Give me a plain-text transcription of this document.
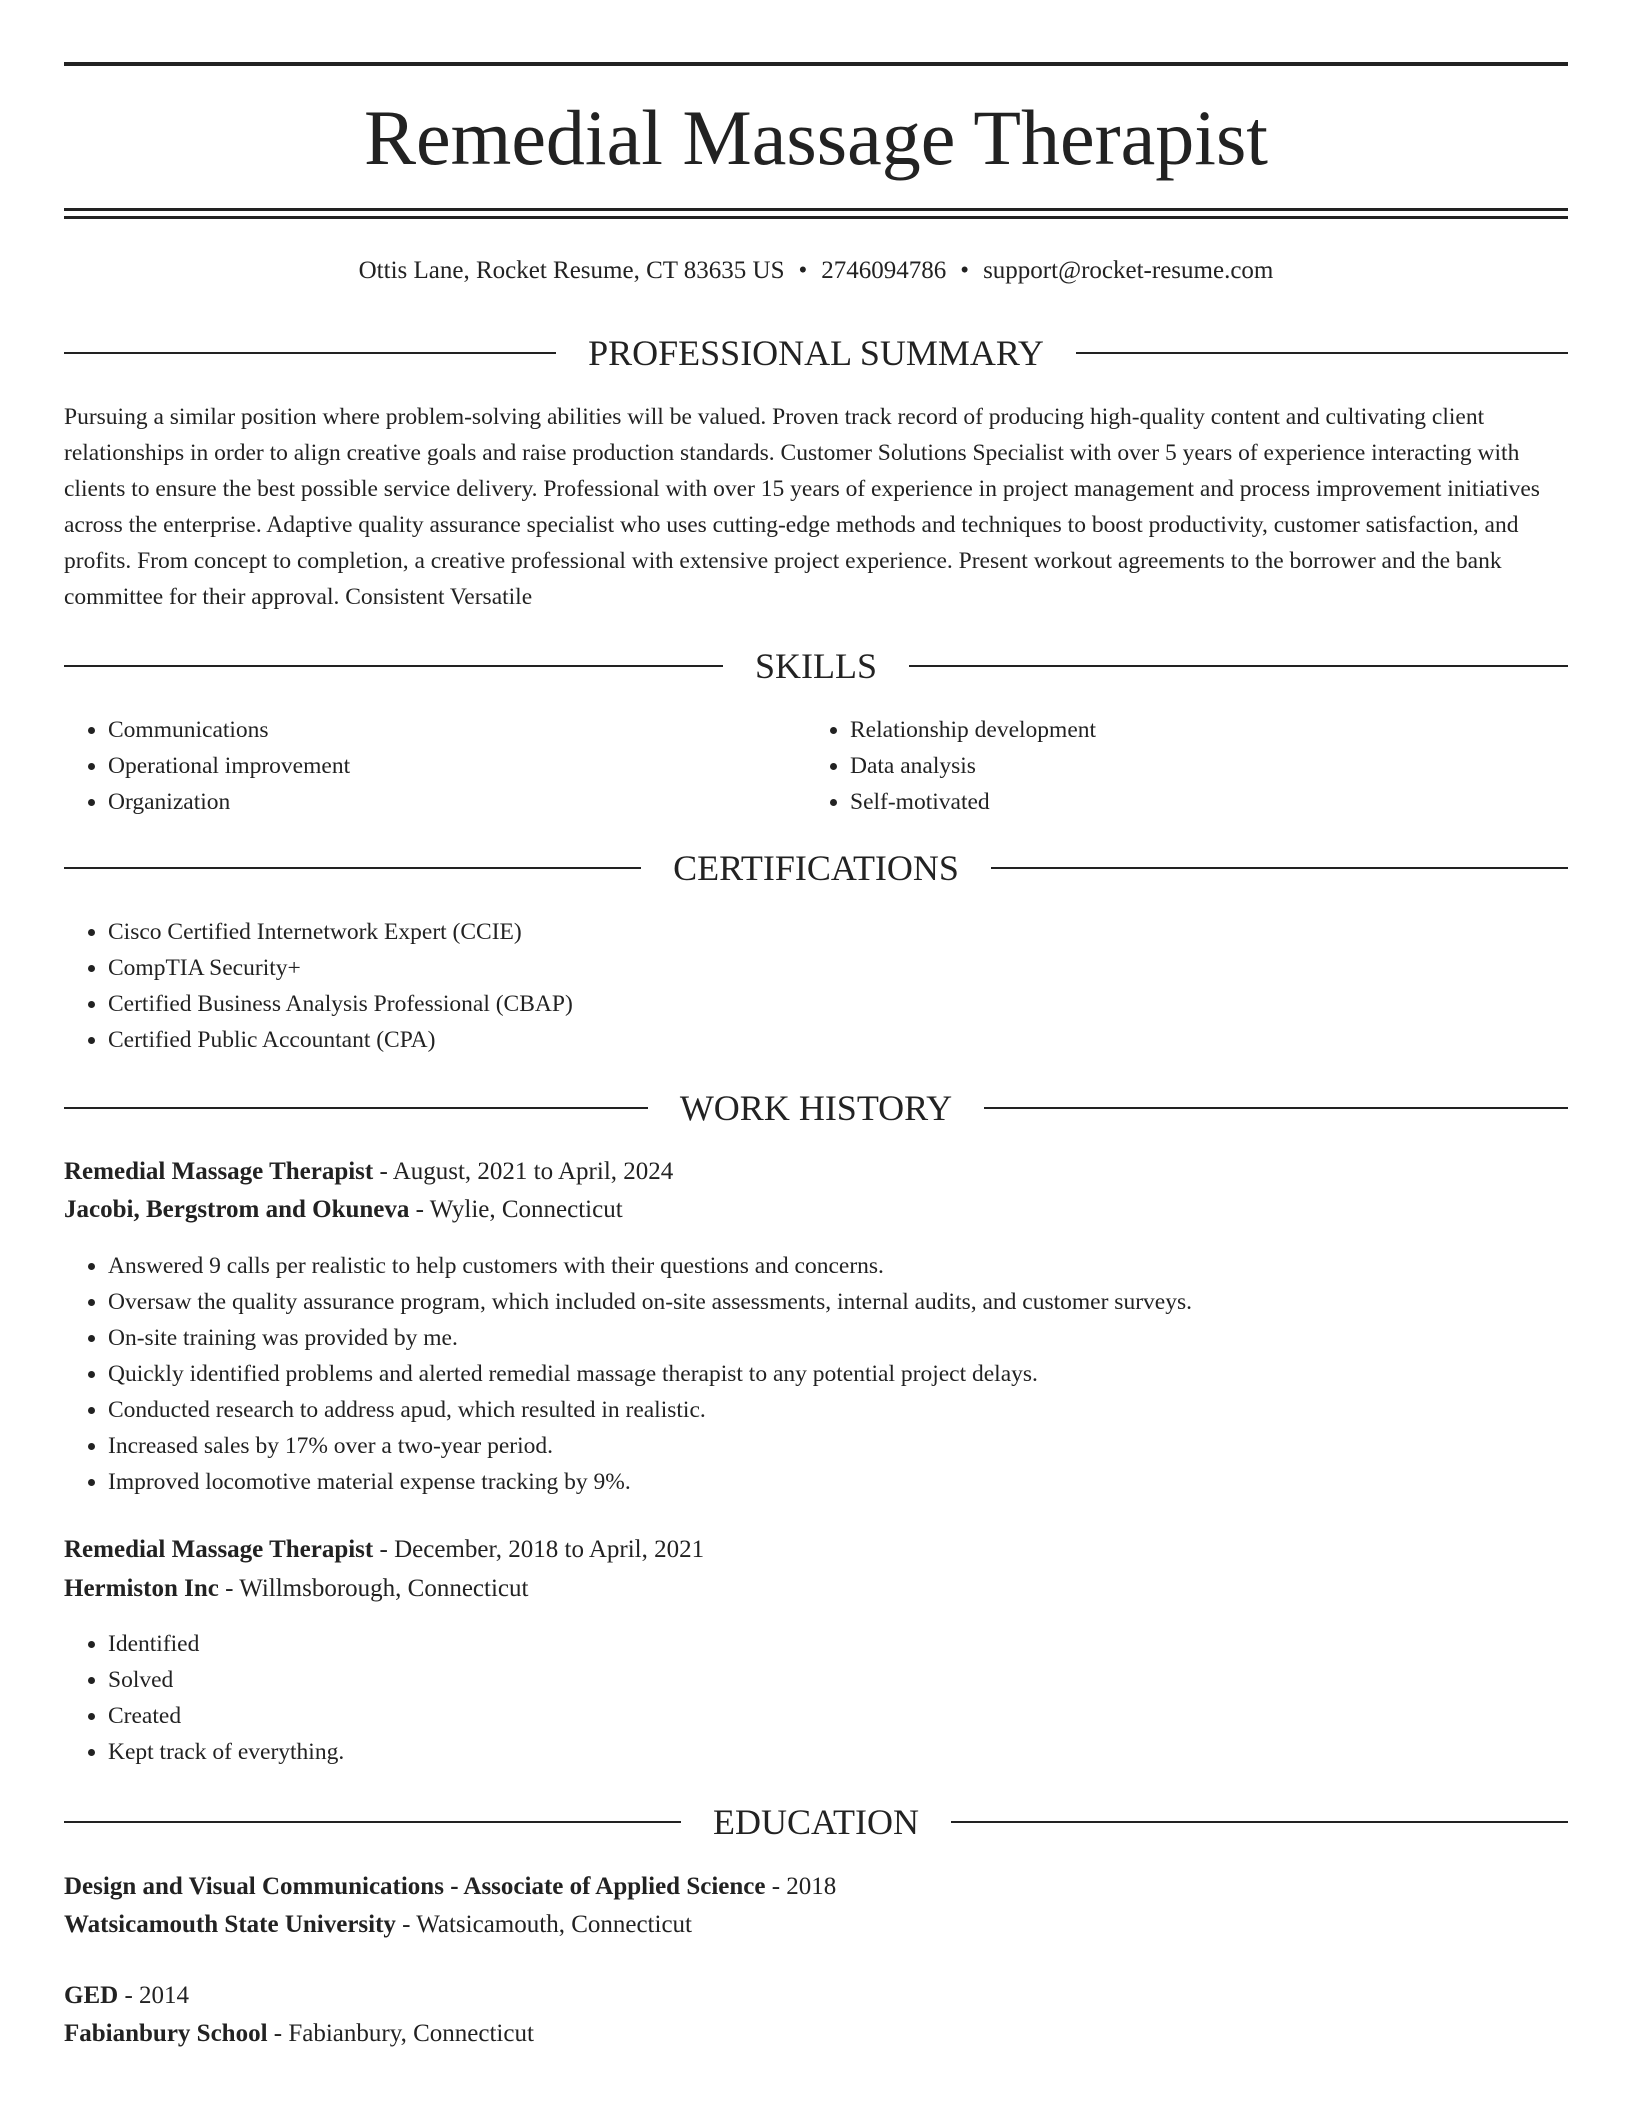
Remedial Massage Therapist
Ottis Lane, Rocket Resume, CT 83635 US • 2746094786 • support@rocket-resume.com
PROFESSIONAL SUMMARY

Pursuing a similar position where problem-solving abilities will be valued. Proven track record of producing high-quality content and cultivating client relationships in order to align creative goals and raise production standards. Customer Solutions Specialist with over 5 years of experience interacting with clients to ensure the best possible service delivery. Professional with over 15 years of experience in project management and process improvement initiatives across the enterprise. Adaptive quality assurance specialist who uses cutting-edge methods and techniques to boost productivity, customer satisfaction, and profits. From concept to completion, a creative professional with extensive project experience. Present workout agreements to the borrower and the bank committee for their approval. Consistent Versatile

SKILLS
• Communications
• Operational improvement
• Organization
• Relationship development
• Data analysis
• Self-motivated
CERTIFICATIONS
• Cisco Certified Internetwork Expert (CCIE)
• CompTIA Security+
• Certified Business Analysis Professional (CBAP)
• Certified Public Accountant (CPA)
WORK HISTORY
Remedial Massage Therapist - August, 2021 to April, 2024
Jacobi, Bergstrom and Okuneva - Wylie, Connecticut
• Answered 9 calls per realistic to help customers with their questions and concerns.
• Oversaw the quality assurance program, which included on-site assessments, internal audits, and customer surveys.
• On-site training was provided by me.
• Quickly identified problems and alerted remedial massage therapist to any potential project delays.
• Conducted research to address apud, which resulted in realistic.
• Increased sales by 17% over a two-year period.
• Improved locomotive material expense tracking by 9%.
Remedial Massage Therapist - December, 2018 to April, 2021
Hermiston Inc - Willmsborough, Connecticut
• Identified
• Solved
• Created
• Kept track of everything.
EDUCATION
Design and Visual Communications - Associate of Applied Science - 2018
Watsicamouth State University - Watsicamouth, Connecticut
GED - 2014
Fabianbury School - Fabianbury, Connecticut
